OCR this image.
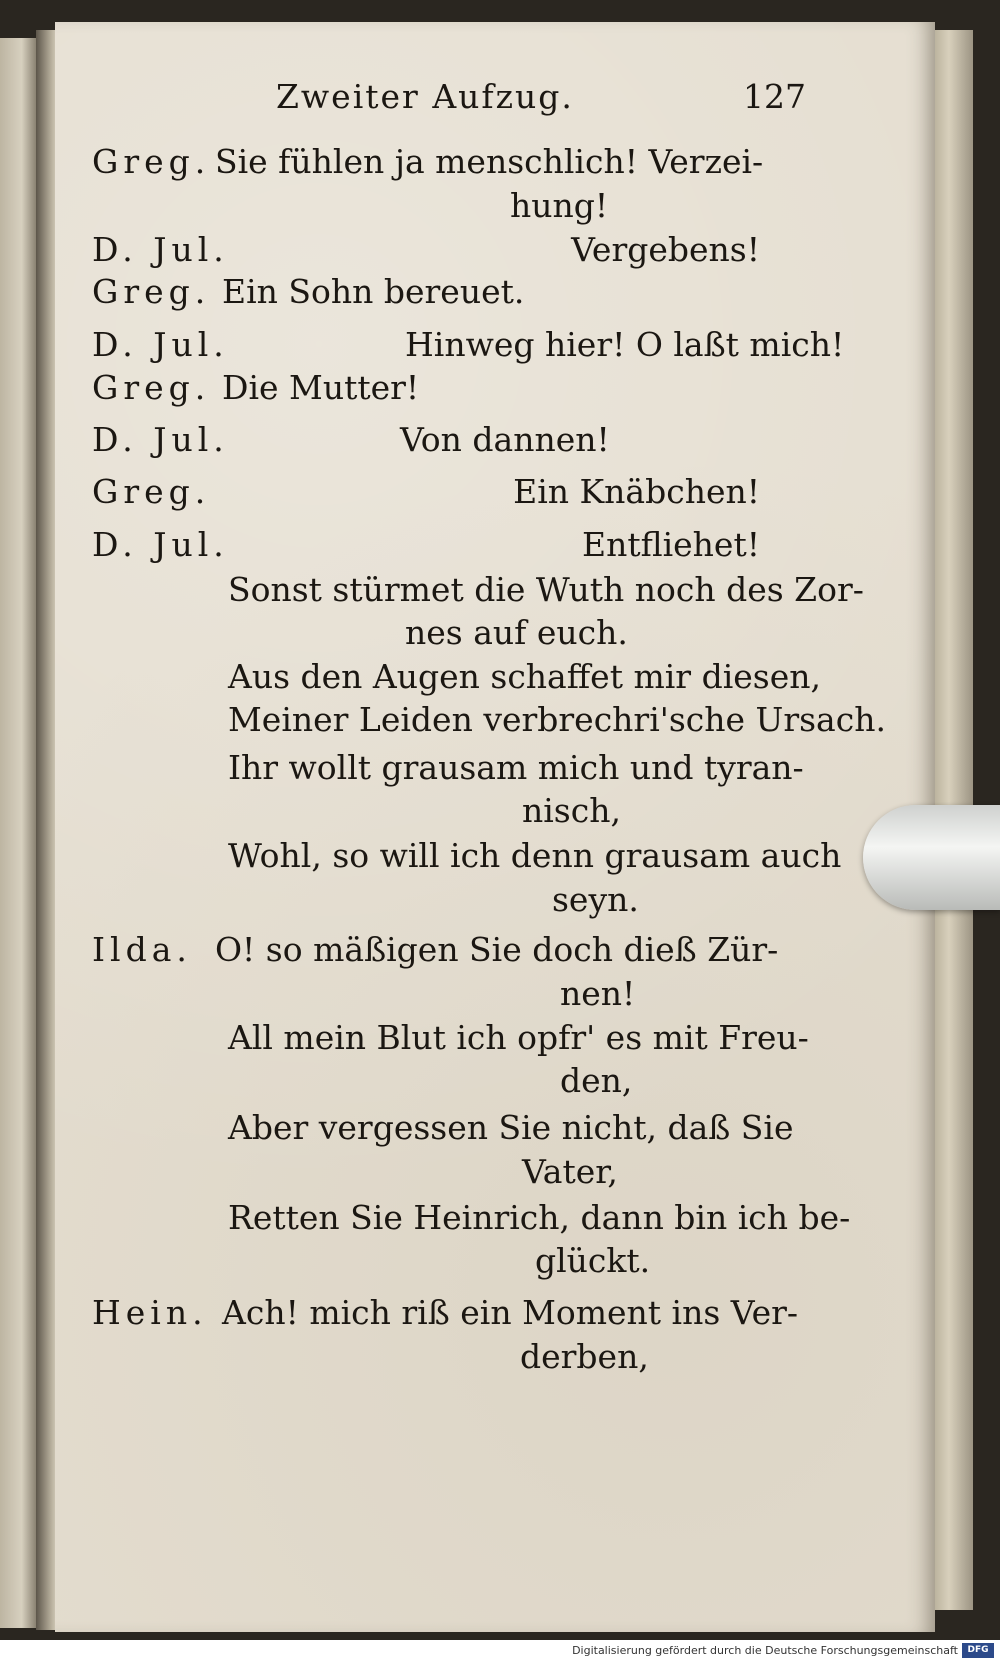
Zweiter Aufzug.	127
Greg. Sie fühlen ja menschlich! Verzei-
hung!
D. Jul.	Vergebens!
Greg. Ein Sohn bereuet.
D. Jul.	Hinweg hier! O laßt mich!
Greg. Die Mutter!
D. Jul.	Von dannen!
Greg.	Ein Knäbchen!
D. Jul.	Entfliehet!
Sonst stürmet die Wuth noch des Zor-
nes auf euch.
Aus den Augen schaffet mir diesen,
Meiner Leiden verbrechri'sche Ursach.
Ihr wollt grausam mich und tyran-
nisch,
Wohl, so will ich denn grausam auch
seyn.
Ilda. O! so mäßigen Sie doch dieß Zür-
nen!
All mein Blut ich opfr' es mit Freu-
den,
Aber vergessen Sie nicht, daß Sie
Vater,
Retten Sie Heinrich, dann bin ich be-
glückt.
Hein. Ach! mich riß ein Moment ins Ver-
derben,
Digitalisierung gefördert durch die Deutsche Forschungsgemeinschaft	DFG
